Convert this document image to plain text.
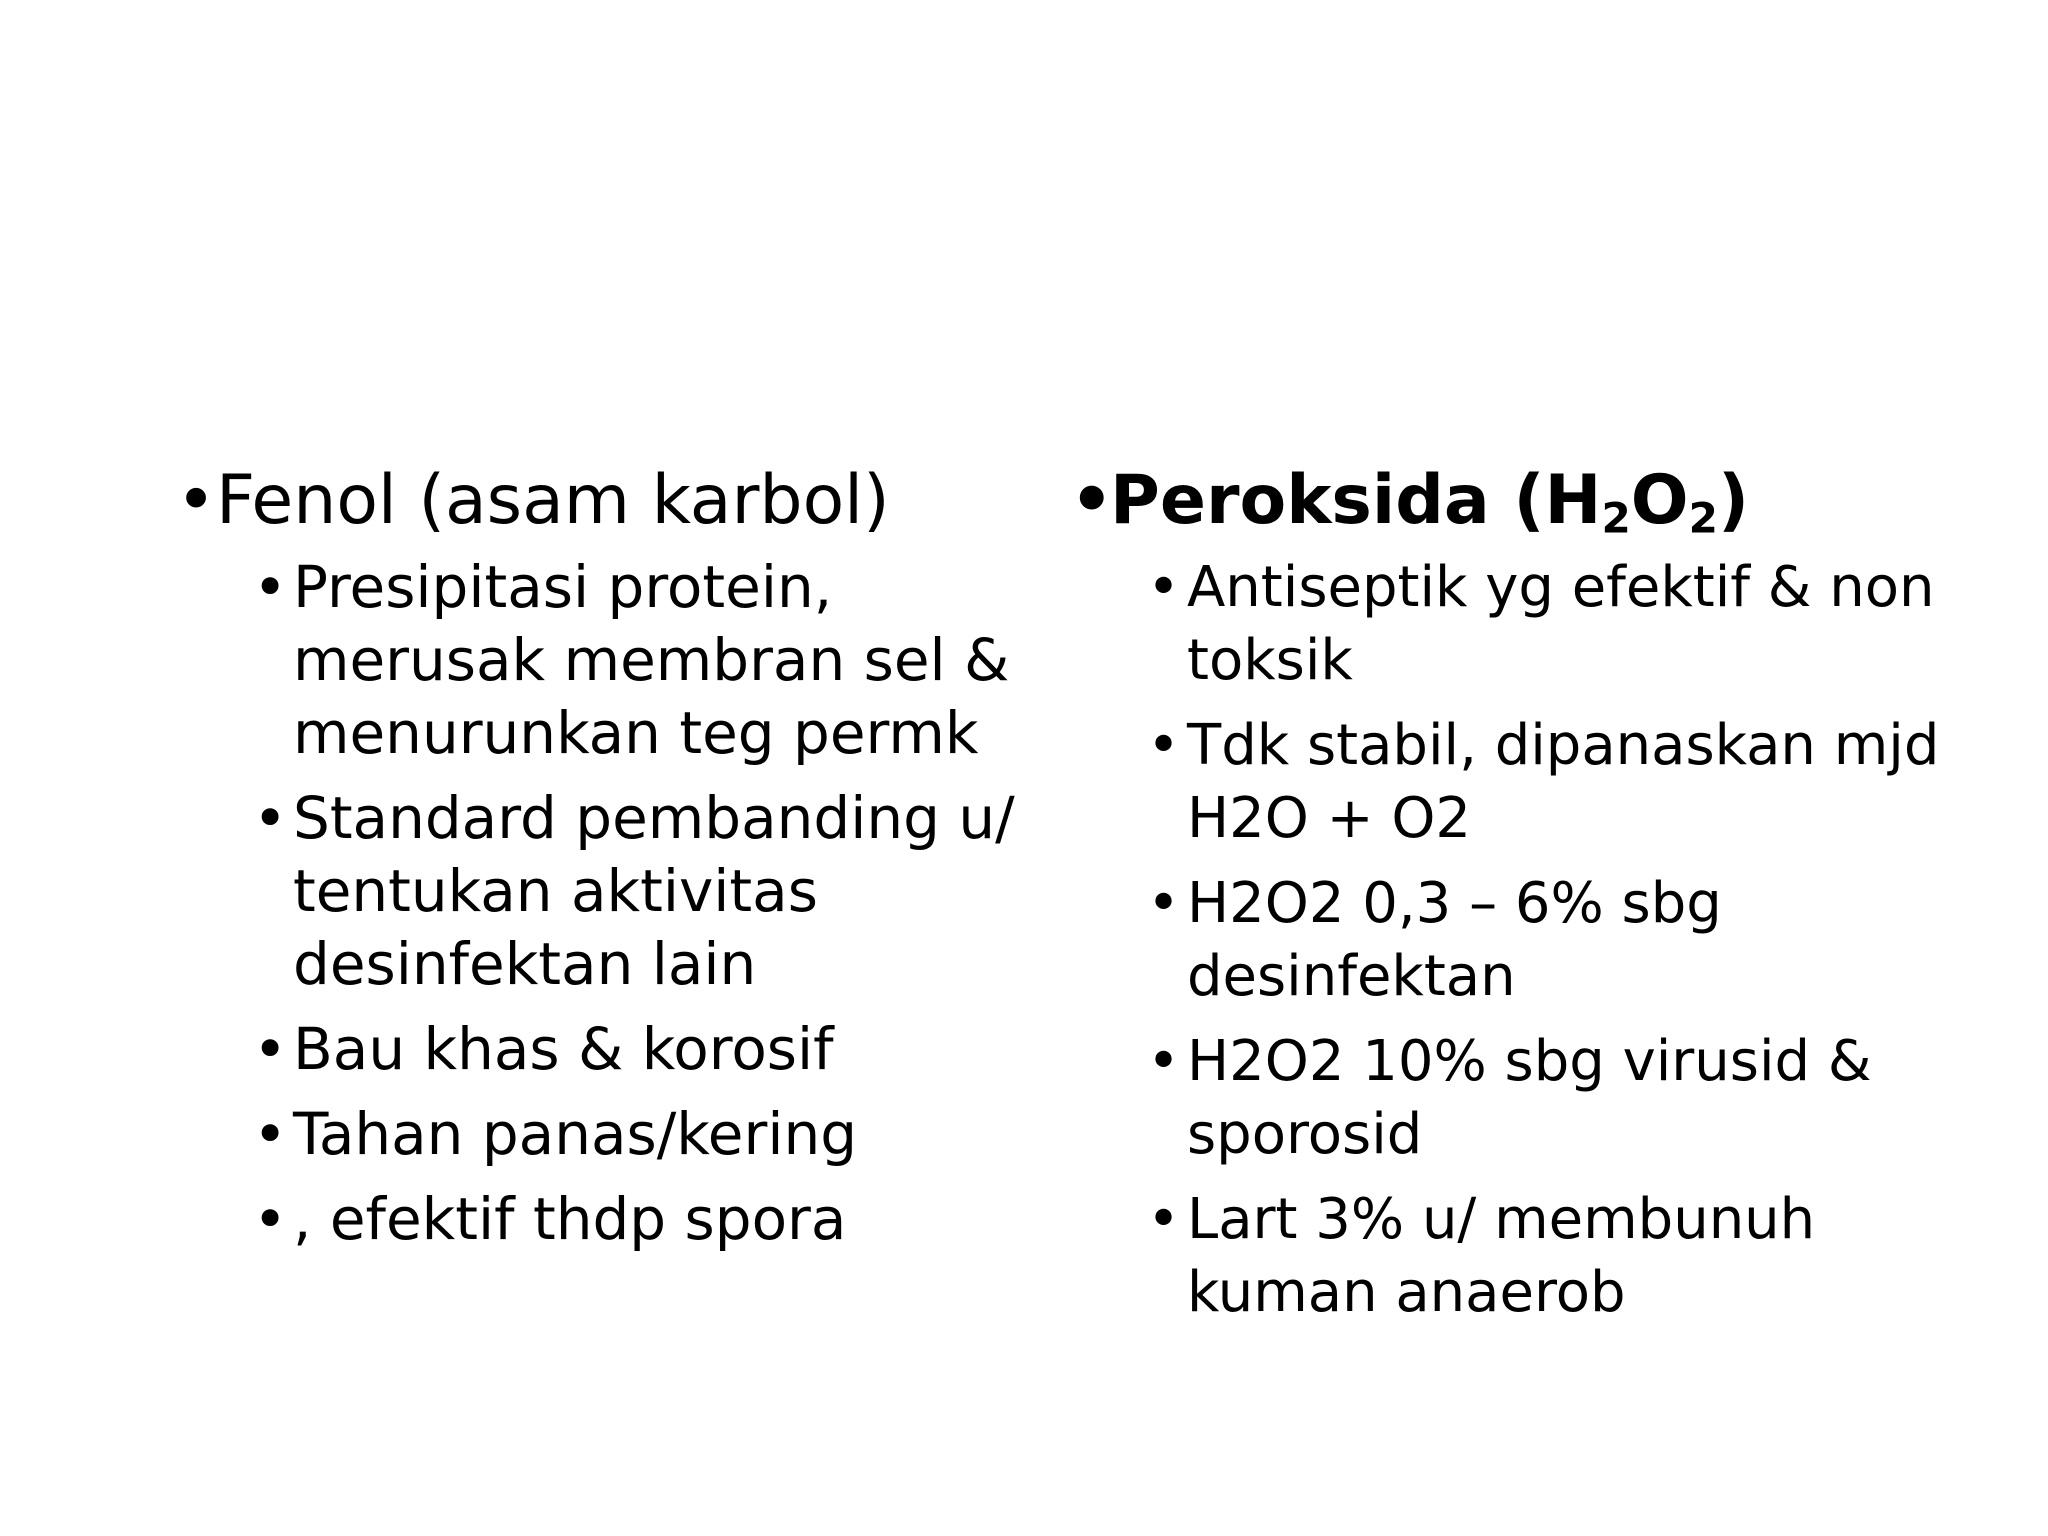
• Fenol (asam karbol)
• Presipitasi protein, merusak membran sel & menurunkan teg permk
• Standard pembanding u/ tentukan aktivitas desinfektan lain
• Bau khas & korosif
• Tahan panas/kering
• , efektif thdp spora
•
Peroksida $(H_2O_2)$
• Antiseptik yg efektif & non toksik
• Tdk stabil, dipanaskan mjd H2O + O2
• H2O2 0,3 – 6% sbg desinfektan
• H2O2 10% sbg virusid & sporosid
• Lart 3% u/ membunuh kuman anaerob
